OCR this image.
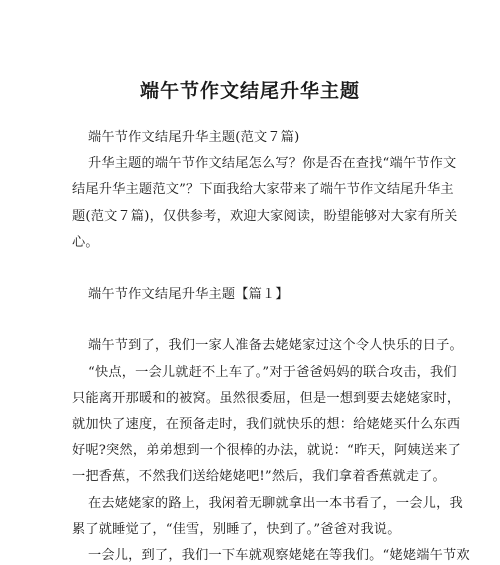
端午节作文结尾升华主题
端午节作文结尾升华主题(范文７篇)
升华主题的端午节作文结尾怎么写？你是否在查找“端午节作文
结尾升华主题范文”？下面我给大家带来了端午节作文结尾升华主
题(范文７篇)，仅供参考，欢迎大家阅读，盼望能够对大家有所关
心。
端午节作文结尾升华主题【篇１】
端午节到了，我们一家人准备去姥姥家过这个令人快乐的日子。
“快点，一会儿就赶不上车了。”对于爸爸妈妈的联合攻击，我们
只能离开那暖和的被窝。虽然很委屈，但是一想到要去姥姥家时，
就加快了速度，在预备走时，我们就快乐的想：给姥姥买什么东西
好呢?突然，弟弟想到一个很棒的办法，就说：“昨天，阿姨送来了
一把香蕉，不然我们送给姥姥吧!”然后，我们拿着香蕉就走了。
在去姥姥家的路上，我闲着无聊就拿出一本书看了，一会儿，我
累了就睡觉了，“佳雪，别睡了，快到了。”爸爸对我说。
一会儿，到了，我们一下车就观察姥姥在等我们。“姥姥端午节欢
